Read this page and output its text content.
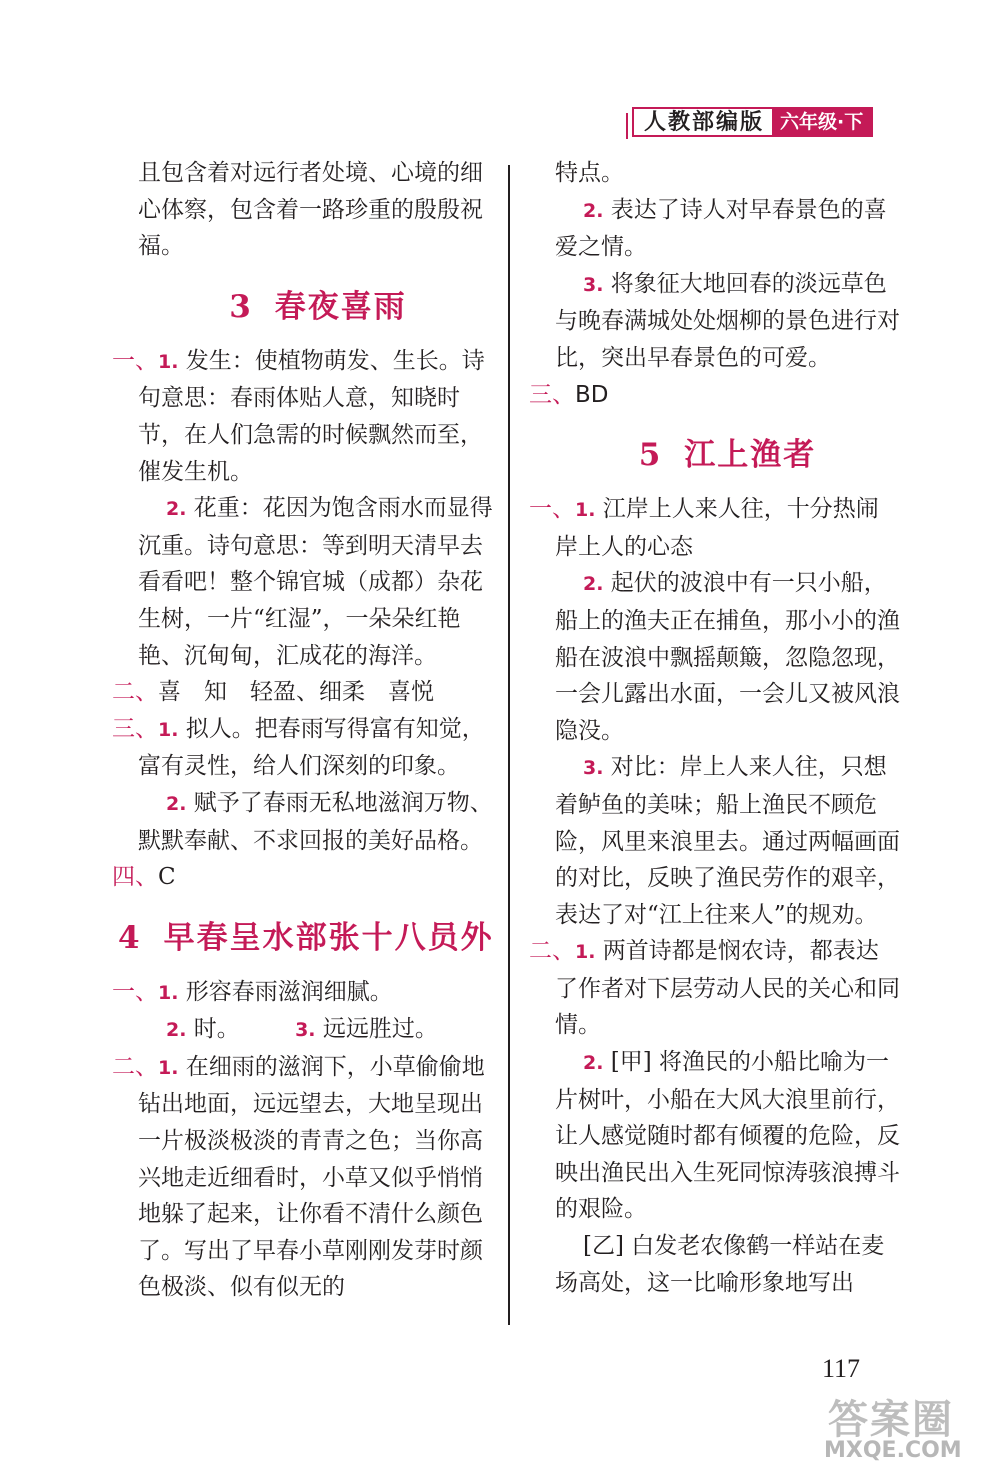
人教部编版 六年级·下

且包含着对远行者处境、心境的细心体察，包含着一路珍重的殷殷祝福。

3 春夜喜雨

一、1. 发生：使植物萌发、生长。诗句意思：春雨体贴人意，知晓时节，在人们急需的时候飘然而至，催发生机。

2. 花重：花因为饱含雨水而显得沉重。诗句意思：等到明天清早去看看吧！整个锦官城（成都）杂花生树，一片“红湿”，一朵朵红艳艳、沉甸甸，汇成花的海洋。

二、喜　知　轻盈、细柔　喜悦

三、1. 拟人。把春雨写得富有知觉，富有灵性，给人们深刻的印象。

2. 赋予了春雨无私地滋润万物、默默奉献、不求回报的美好品格。

四、C

4 早春呈水部张十八员外

一、1. 形容春雨滋润细腻。

2. 时。	3. 远远胜过。

二、1. 在细雨的滋润下，小草偷偷地钻出地面，远远望去，大地呈现出一片极淡极淡的青青之色；当你高兴地走近细看时，小草又似乎悄悄地躲了起来，让你看不清什么颜色了。写出了早春小草刚刚发芽时颜色极淡、似有似无的

特点。

2. 表达了诗人对早春景色的喜爱之情。

3. 将象征大地回春的淡远草色与晚春满城处处烟柳的景色进行对比，突出早春景色的可爱。

三、BD

5 江上渔者

一、1. 江岸上人来人往，十分热闹岸上人的心态

2. 起伏的波浪中有一只小船，船上的渔夫正在捕鱼，那小小的渔船在波浪中飘摇颠簸，忽隐忽现，一会儿露出水面，一会儿又被风浪隐没。

3. 对比：岸上人来人往，只想着鲈鱼的美味；船上渔民不顾危险，风里来浪里去。通过两幅画面的对比，反映了渔民劳作的艰辛，表达了对“江上往来人”的规劝。

二、1. 两首诗都是悯农诗，都表达了作者对下层劳动人民的关心和同情。

2. [甲] 将渔民的小船比喻为一片树叶，小船在大风大浪里前行，让人感觉随时都有倾覆的危险，反映出渔民出入生死同惊涛骇浪搏斗的艰险。

[乙] 白发老农像鹤一样站在麦场高处，这一比喻形象地写出

117
答案圈
MXQE.COM
